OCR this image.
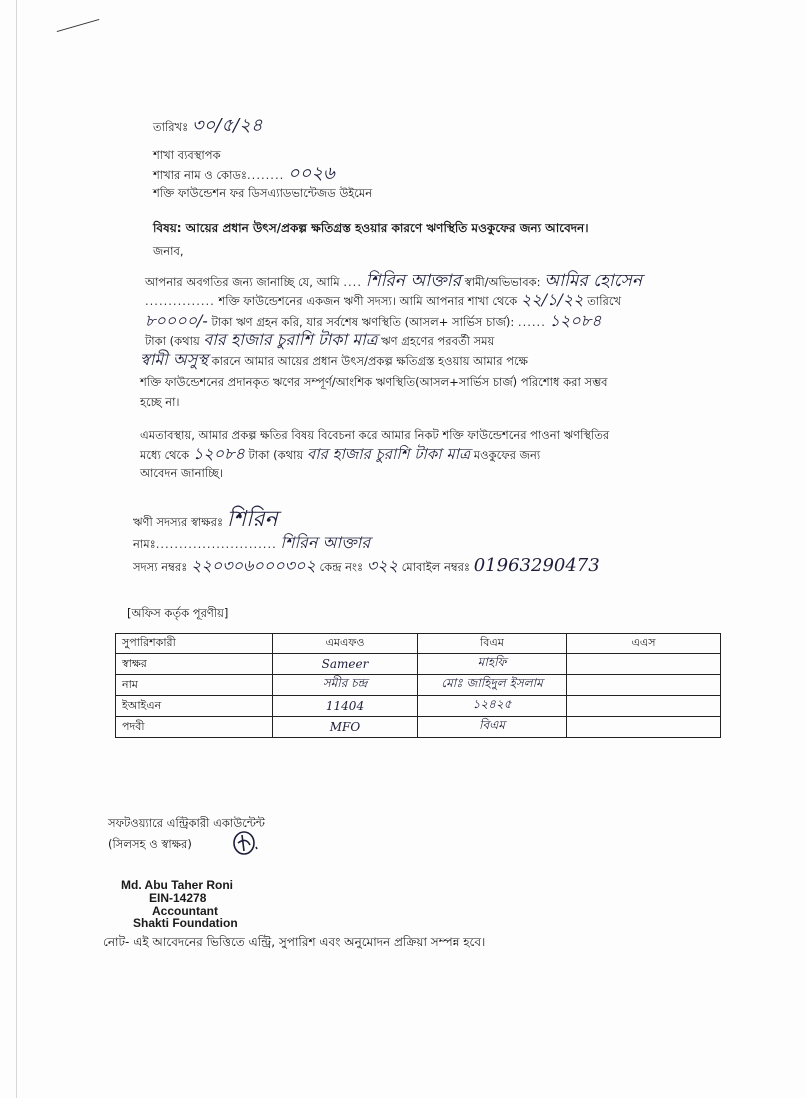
তারিখঃ ৩০/৫/২৪
শাখা ব্যবস্থাপক
শাখার নাম ও কোডঃ........ ০০২৬
শক্তি ফাউন্ডেশন ফর ডিসএ্যাডভান্টেজড উইমেন
বিষয়: আয়ের প্রধান উৎস/প্রকল্প ক্ষতিগ্রস্ত হওয়ার কারণে ঋণস্থিতি মওকুফের জন্য আবেদন।
জনাব,
আপনার অবগতির জন্য জানাচ্ছি যে, আমি .... শিরিন আক্তার স্বামী/অভিভাবক: আমির হোসেন
............... শক্তি ফাউন্ডেশনের একজন ঋণী সদস্য। আমি আপনার শাখা থেকে ২২/১/২২ তারিখে
৮০০০০/- টাকা ঋণ গ্রহন করি, যার সর্বশেষ ঋণস্থিতি (আসল+ সার্ভিস চার্জ): ...... ১২০৮৪
টাকা (কথায় বার হাজার চুরাশি টাকা মাত্র ঋণ গ্রহণের পরবর্তী সময়
স্বামী অসুস্থ কারনে আমার আয়ের প্রধান উৎস/প্রকল্প ক্ষতিগ্রস্ত হওয়ায় আমার পক্ষে
শক্তি ফাউন্ডেশনের প্রদানকৃত ঋণের সম্পূর্ণ/আংশিক ঋণস্থিতি(আসল+সার্ভিস চার্জ) পরিশোধ করা সম্ভব
হচ্ছে না।
এমতাবস্থায়, আমার প্রকল্প ক্ষতির বিষয় বিবেচনা করে আমার নিকট শক্তি ফাউন্ডেশনের পাওনা ঋণস্থিতির
মধ্যে থেকে ১২০৮৪ টাকা (কথায় বার হাজার চুরাশি টাকা মাত্র মওকুফের জন্য
আবেদন জানাচ্ছি।
ঋণী সদস্যর স্বাক্ষরঃ শিরিন
নামঃ.......................... শিরিন আক্তার
সদস্য নম্বরঃ ২২০৩০৬০০০৩০২ কেন্দ্র নংঃ ৩২২ মোবাইল নম্বরঃ 01963290473
[অফিস কর্তৃক পূরণীয়]
সুপারিশকারী	এমএফও	বিএম	এএস
স্বাক্ষর	Sameer	মাহফি	
নাম	সমীর চন্দ্র	মোঃ জাহিদুল ইসলাম	
ইআইএন	11404	১২৪২৫	
পদবী	MFO	বিএম	
সফটওয়্যারে এন্ট্রিকারী একাউন্টেন্ট
(সিলসহ ও স্বাক্ষর)
Md. Abu Taher Roni
EIN-14278
Accountant
Shakti Foundation
নোট- এই আবেদনের ভিত্তিতে এন্ট্রি, সুপারিশ এবং অনুমোদন প্রক্রিয়া সম্পন্ন হবে।
